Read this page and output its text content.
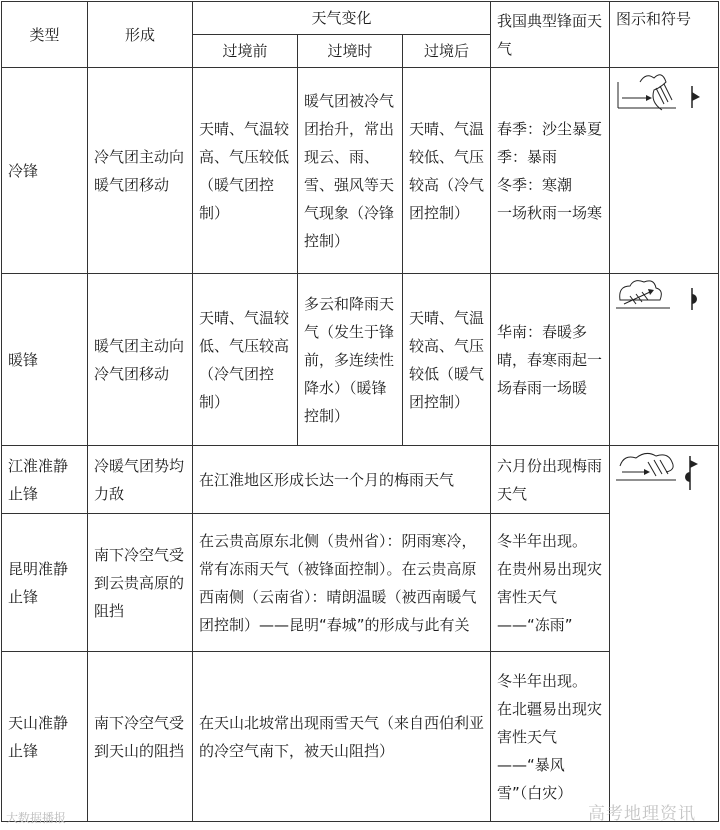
类型	形成	天气变化			我国典型锋面天气	图示和符号
		过境前	过境时	过境后		
冷锋	冷气团主动向暖气团移动	天晴、气温较高、气压较低（暖气团控制）	暖气团被冷气团抬升，常出现云、雨、雪、强风等天气现象（冷锋控制）	天晴、气温较低、气压较高（冷气团控制）	春季：沙尘暴夏季：暴雨
冬季：寒潮
一场秋雨一场寒	

暖锋	暖气团主动向冷气团移动	天晴、气温较低、气压较高（冷气团控制）	多云和降雨天气（发生于锋前，多连续性降水）（暖锋控制）	天晴、气温较高、气压较低（暖气团控制）	华南：春暖多晴，春寒雨起一场春雨一场暖	

江淮准静止锋	冷暖气团势均力敌	在江淮地区形成长达一个月的梅雨天气			六月份出现梅雨天气	

昆明准静止锋	南下冷空气受到云贵高原的阻挡	在云贵高原东北侧（贵州省）：阴雨寒冷，常有冻雨天气（被锋面控制）。在云贵高原西南侧（云南省）：晴朗温暖（被西南暖气团控制）——昆明“春城”的形成与此有关			冬半年出现。
在贵州易出现灾害性天气——“冻雨”	
天山准静止锋	南下冷空气受到天山的阻挡	在天山北坡常出现雨雪天气（来自西伯利亚的冷空气南下，被天山阻挡）			冬半年出现。
在北疆易出现灾害性天气——“暴风雪”（白灾）	
大数据播报	高考地理资讯
